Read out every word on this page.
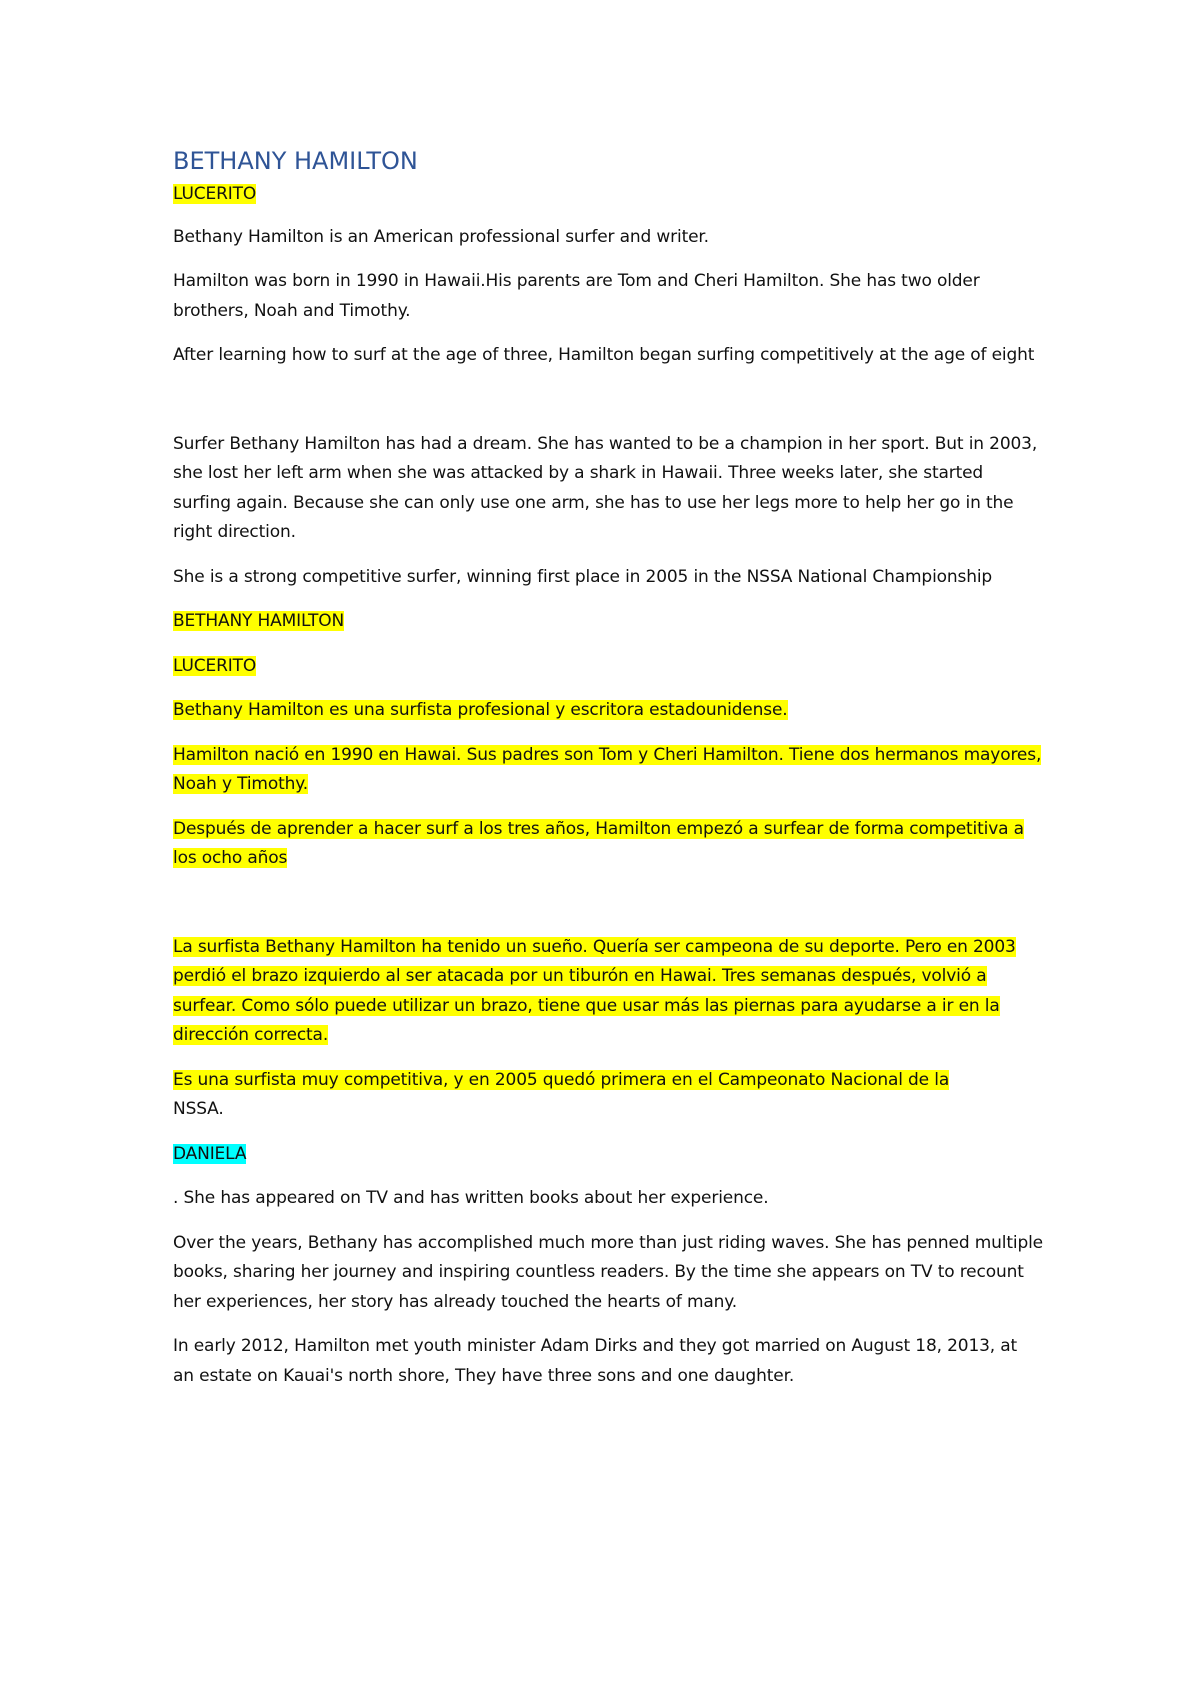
BETHANY HAMILTON

LUCERITO

Bethany Hamilton is an American professional surfer and writer.

Hamilton was born in 1990 in Hawaii.His parents are Tom and Cheri Hamilton. She has two older brothers, Noah and Timothy.

After learning how to surf at the age of three, Hamilton began surfing competitively at the age of eight

Surfer Bethany Hamilton has had a dream. She has wanted to be a champion in her sport. But in 2003, she lost her left arm when she was attacked by a shark in Hawaii. Three weeks later, she started surfing again. Because she can only use one arm, she has to use her legs more to help her go in the right direction.

She is a strong competitive surfer, winning first place in 2005 in the NSSA National Championship

BETHANY HAMILTON

LUCERITO

Bethany Hamilton es una surfista profesional y escritora estadounidense.

Hamilton nació en 1990 en Hawai. Sus padres son Tom y Cheri Hamilton. Tiene dos hermanos mayores, Noah y Timothy.

Después de aprender a hacer surf a los tres años, Hamilton empezó a surfear de forma competitiva a los ocho años

La surfista Bethany Hamilton ha tenido un sueño. Quería ser campeona de su deporte. Pero en 2003 perdió el brazo izquierdo al ser atacada por un tiburón en Hawai. Tres semanas después, volvió a surfear. Como sólo puede utilizar un brazo, tiene que usar más las piernas para ayudarse a ir en la dirección correcta.

Es una surfista muy competitiva, y en 2005 quedó primera en el Campeonato Nacional de la
NSSA.

DANIELA

. She has appeared on TV and has written books about her experience.

Over the years, Bethany has accomplished much more than just riding waves. She has penned multiple books, sharing her journey and inspiring countless readers. By the time she appears on TV to recount her experiences, her story has already touched the hearts of many.

In early 2012, Hamilton met youth minister Adam Dirks and they got married on August 18, 2013, at an estate on Kauai's north shore, They have three sons and one daughter.
